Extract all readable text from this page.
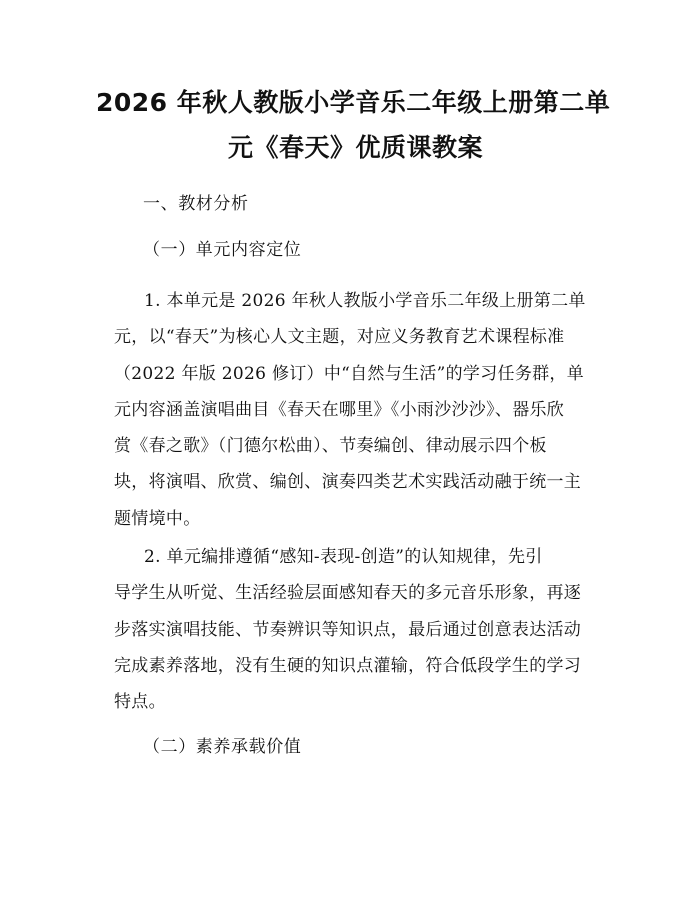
2026 年秋人教版小学音乐二年级上册第二单
元《春天》优质课教案
一、教材分析
（一）单元内容定位
1. 本单元是 2026 年秋人教版小学音乐二年级上册第二单
元，以“春天”为核心人文主题，对应义务教育艺术课程标准
（2022 年版 2026 修订）中“自然与生活”的学习任务群，单
元内容涵盖演唱曲目《春天在哪里》《小雨沙沙沙》、器乐欣
赏《春之歌》（门德尔松曲）、节奏编创、律动展示四个板
块，将演唱、欣赏、编创、演奏四类艺术实践活动融于统一主
题情境中。
2. 单元编排遵循“感知-表现-创造”的认知规律，先引
导学生从听觉、生活经验层面感知春天的多元音乐形象，再逐
步落实演唱技能、节奏辨识等知识点，最后通过创意表达活动
完成素养落地，没有生硬的知识点灌输，符合低段学生的学习
特点。
（二）素养承载价值
